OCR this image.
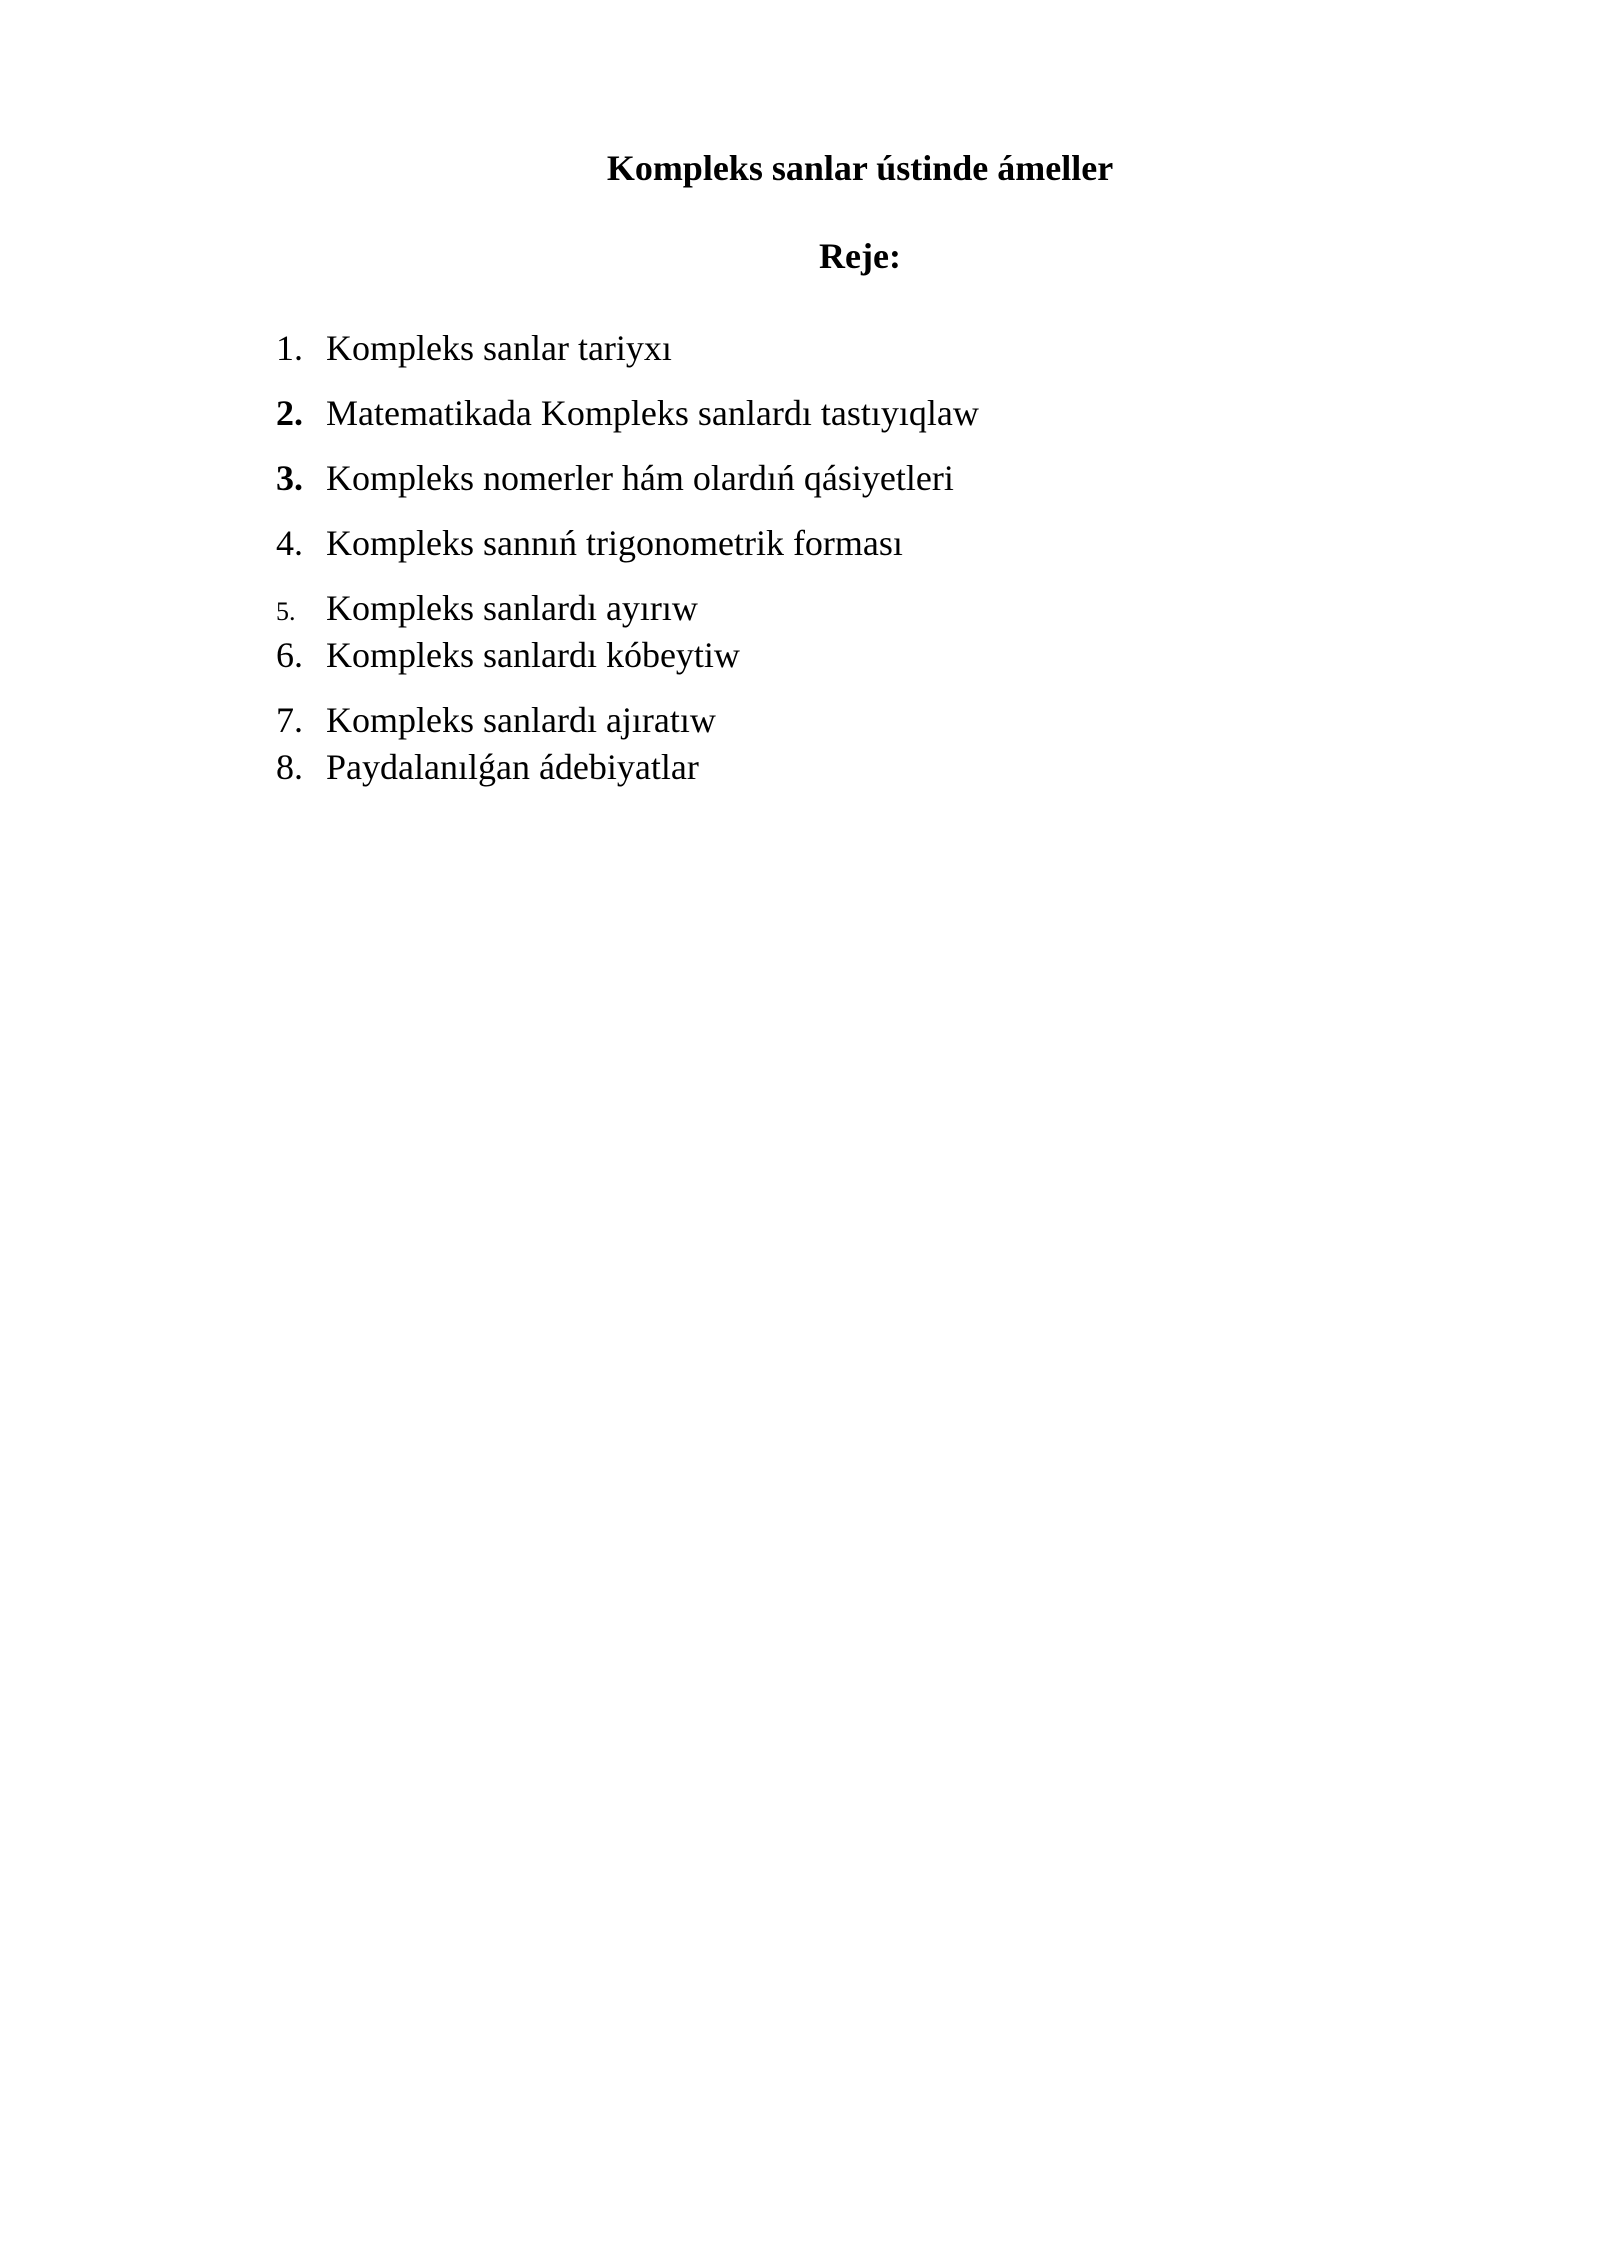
Kompleks sanlar ústinde ámeller
Reje:
1. Kompleks sanlar tariyxı
2. Matematikada Kompleks sanlardı tastıyıqlaw
3. Kompleks nomerler hám olardıń qásiyetleri
4. Kompleks sannıń trigonometrik forması
5. Kompleks sanlardı ayırıw
6. Kompleks sanlardı kóbeytiw
7. Kompleks sanlardı ajıratıw
8. Paydalanılǵan ádebiyatlar
